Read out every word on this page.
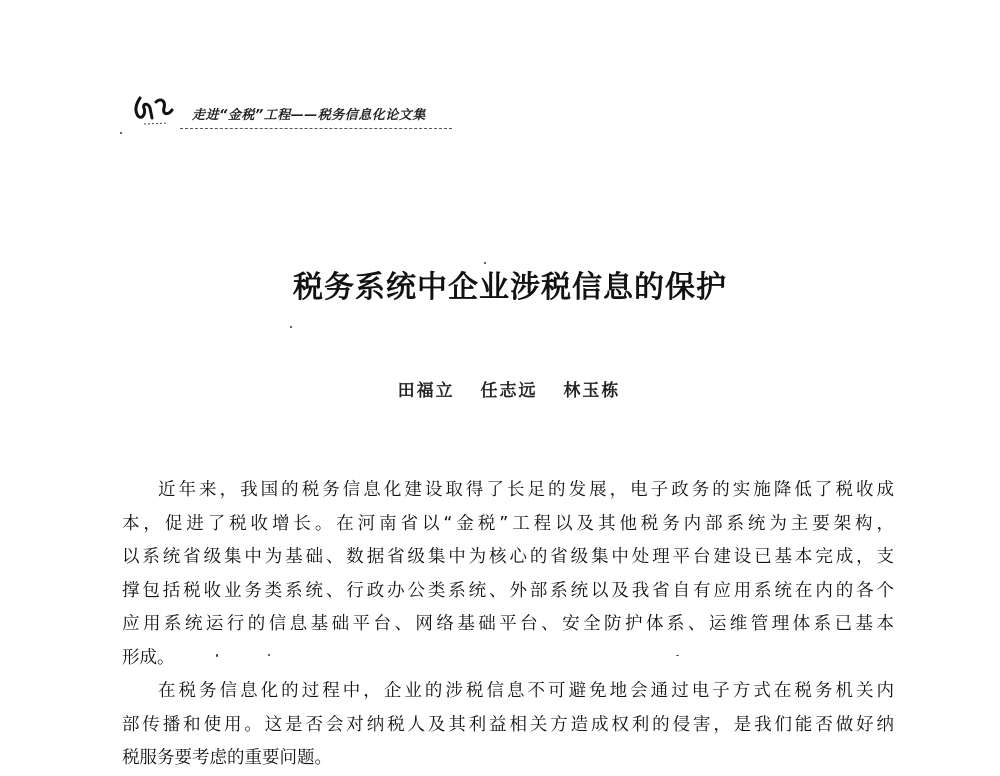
走进“金税”工程——税务信息化论文集
税务系统中企业涉税信息的保护
田福立 任志远 林玉栋
近年来，我国的税务信息化建设取得了长足的发展，电子政务的实施降低了税收成
本，促进了税收增长。在河南省以“金税”工程以及其他税务内部系统为主要架构，
以系统省级集中为基础、数据省级集中为核心的省级集中处理平台建设已基本完成，支
撑包括税收业务类系统、行政办公类系统、外部系统以及我省自有应用系统在内的各个
应用系统运行的信息基础平台、网络基础平台、安全防护体系、运维管理体系已基本
形成。
在税务信息化的过程中，企业的涉税信息不可避免地会通过电子方式在税务机关内
部传播和使用。这是否会对纳税人及其利益相关方造成权利的侵害，是我们能否做好纳
税服务要考虑的重要问题。
